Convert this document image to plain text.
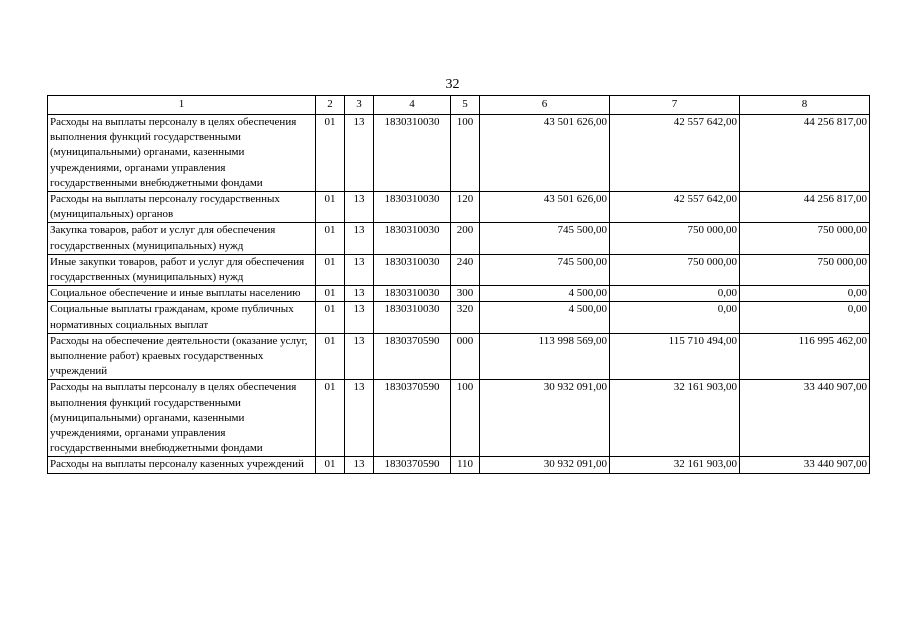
32
1	2	3	4	5	6	7	8
Расходы на выплаты персоналу в целях обеспечения выполнения функций государственными (муниципальными) органами, казенными учреждениями, органами управления государственными внебюджетными фондами	01	13	1830310030	100	43 501 626,00	42 557 642,00	44 256 817,00
Расходы на выплаты персоналу государственных (муниципальных) органов	01	13	1830310030	120	43 501 626,00	42 557 642,00	44 256 817,00
Закупка товаров, работ и услуг для обеспечения государственных (муниципальных) нужд	01	13	1830310030	200	745 500,00	750 000,00	750 000,00
Иные закупки товаров, работ и услуг для обеспечения государственных (муниципальных) нужд	01	13	1830310030	240	745 500,00	750 000,00	750 000,00
Социальное обеспечение и иные выплаты населению	01	13	1830310030	300	4 500,00	0,00	0,00
Социальные выплаты гражданам, кроме публичных нормативных социальных выплат	01	13	1830310030	320	4 500,00	0,00	0,00
Расходы на обеспечение деятельности (оказание услуг, выполнение работ) краевых государственных учреждений	01	13	1830370590	000	113 998 569,00	115 710 494,00	116 995 462,00
Расходы на выплаты персоналу в целях обеспечения выполнения функций государственными (муниципальными) органами, казенными учреждениями, органами управления государственными внебюджетными фондами	01	13	1830370590	100	30 932 091,00	32 161 903,00	33 440 907,00
Расходы на выплаты персоналу казенных учреждений	01	13	1830370590	110	30 932 091,00	32 161 903,00	33 440 907,00
